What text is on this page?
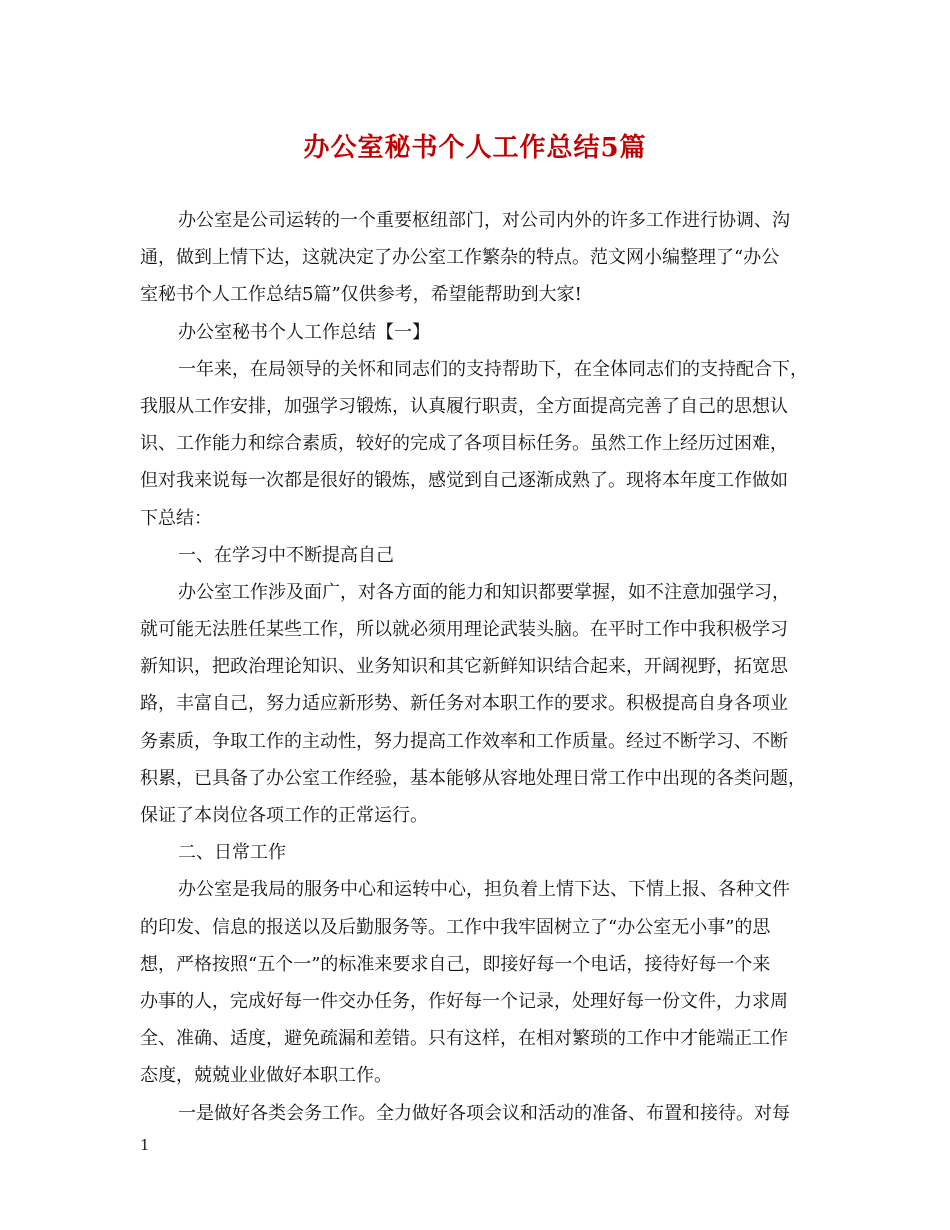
办公室秘书个人工作总结5篇
办公室是公司运转的一个重要枢纽部门，对公司内外的许多工作进行协调、沟
通，做到上情下达，这就决定了办公室工作繁杂的特点。范文网小编整理了“办公
室秘书个人工作总结5篇”仅供参考，希望能帮助到大家!
办公室秘书个人工作总结【一】
一年来，在局领导的关怀和同志们的支持帮助下，在全体同志们的支持配合下，
我服从工作安排，加强学习锻炼，认真履行职责，全方面提高完善了自己的思想认
识、工作能力和综合素质，较好的完成了各项目标任务。虽然工作上经历过困难，
但对我来说每一次都是很好的锻炼，感觉到自己逐渐成熟了。现将本年度工作做如
下总结：
一、在学习中不断提高自己
办公室工作涉及面广，对各方面的能力和知识都要掌握，如不注意加强学习，
就可能无法胜任某些工作，所以就必须用理论武装头脑。在平时工作中我积极学习
新知识，把政治理论知识、业务知识和其它新鲜知识结合起来，开阔视野，拓宽思
路，丰富自己，努力适应新形势、新任务对本职工作的要求。积极提高自身各项业
务素质，争取工作的主动性，努力提高工作效率和工作质量。经过不断学习、不断
积累，已具备了办公室工作经验，基本能够从容地处理日常工作中出现的各类问题，
保证了本岗位各项工作的正常运行。
二、日常工作
办公室是我局的服务中心和运转中心，担负着上情下达、下情上报、各种文件
的印发、信息的报送以及后勤服务等。工作中我牢固树立了“办公室无小事”的思
想，严格按照“五个一”的标准来要求自己，即接好每一个电话，接待好每一个来
办事的人，完成好每一件交办任务，作好每一个记录，处理好每一份文件，力求周
全、准确、适度，避免疏漏和差错。只有这样，在相对繁琐的工作中才能端正工作
态度，兢兢业业做好本职工作。
一是做好各类会务工作。全力做好各项会议和活动的准备、布置和接待。对每
1
